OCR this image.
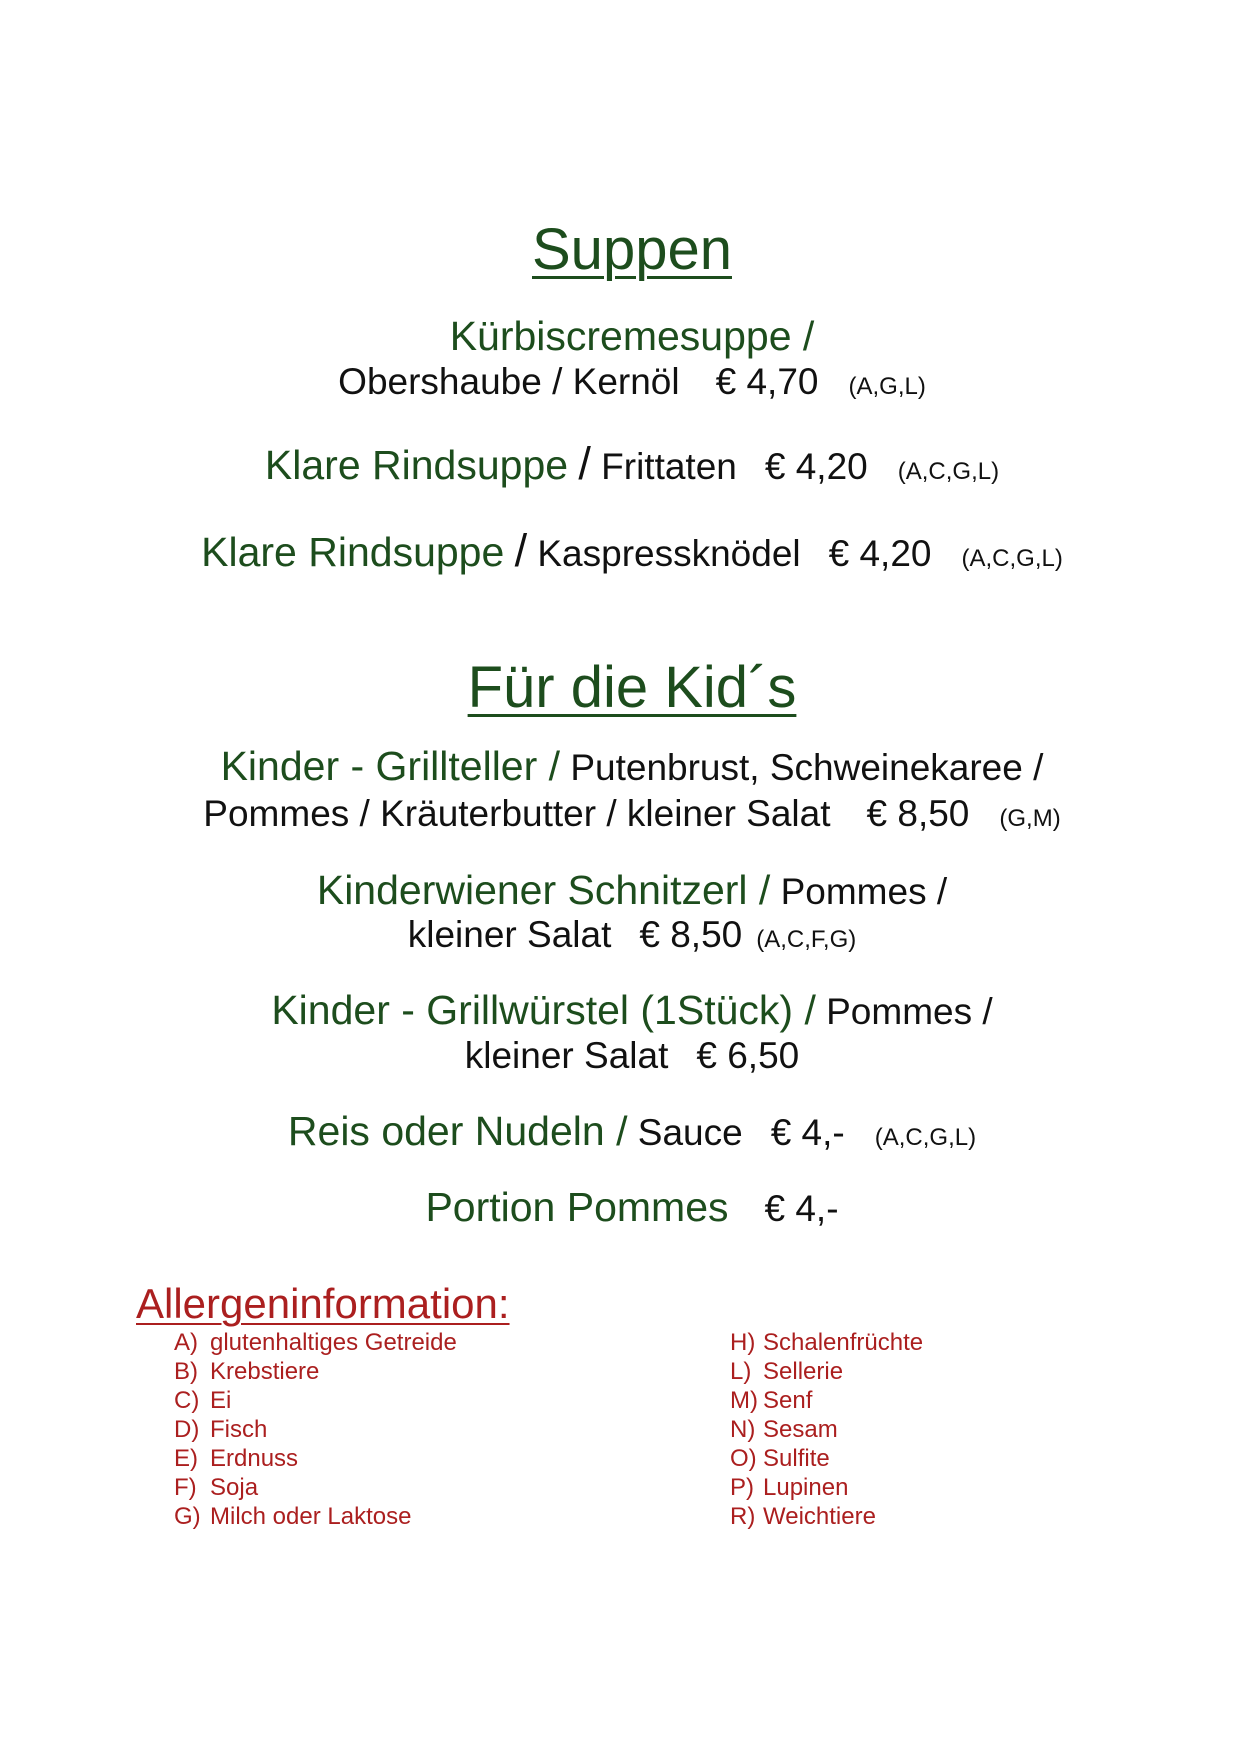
Suppen
Kürbiscremesuppe /
Obershaube / Kernöl € 4,70 (A,G,L)
Klare Rindsuppe / Frittaten € 4,20 (A,C,G,L)
Klare Rindsuppe / Kaspressknödel € 4,20 (A,C,G,L)
Für die Kid´s
Kinder - Grillteller / Putenbrust, Schweinekaree /
Pommes / Kräuterbutter / kleiner Salat € 8,50 (G,M)
Kinderwiener Schnitzerl / Pommes /
kleiner Salat € 8,50 (A,C,F,G)
Kinder - Grillwürstel (1Stück) / Pommes /
kleiner Salat € 6,50
Reis oder Nudeln / Sauce € 4,- (A,C,G,L)
Portion Pommes € 4,-
Allergeninformation:
A) glutenhaltiges Getreide
B) Krebstiere
C) Ei
D) Fisch
E) Erdnuss
F) Soja
G) Milch oder Laktose
H) Schalenfrüchte
L) Sellerie
M) Senf
N) Sesam
O) Sulfite
P) Lupinen
R) Weichtiere
